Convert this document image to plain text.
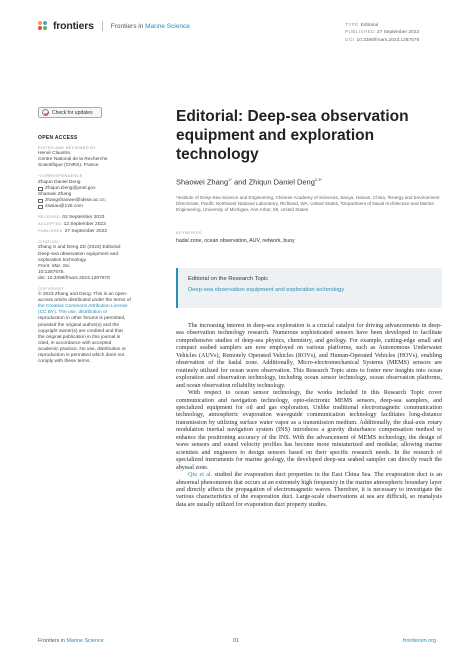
frontiers	Frontiers in Marine Science	TYPE Editorial
PUBLISHED 27 September 2023
DOI 10.3389/fmars.2023.1287578
Check for updates
OPEN ACCESS
EDITED AND REVIEWED BY
Hervé Claustre,
Centre National de la Recherche
Scientifique (CNRS), France
*CORRESPONDENCE
Zhiqun Daniel Deng
Zhiqun.Deng@pnnl.gov
Shaowei Zhang
zhangshaowei@idsse.ac.cn;
zswiau@126.com
RECEIVED 02 September 2023
ACCEPTED 12 September 2023
PUBLISHED 27 September 2023
CITATION
Zhang S and Deng ZD (2023) Editorial:
Deep-sea observation equipment and
exploration technology.
Front. Mar. Sci.
10:1287578.
doi: 10.3389/fmars.2023.1287578
COPYRIGHT
© 2023 Zhang and Deng. This is an open-
access article distributed under the terms of
the Creative Commons Attribution License
(CC BY). The use, distribution or
reproduction in other forums is permitted,
provided the original author(s) and the
copyright owner(s) are credited and that
the original publication in this journal is
cited, in accordance with accepted
academic practice. No use, distribution or
reproduction is permitted which does not
comply with these terms.
Editorial: Deep-sea observation equipment and exploration technology
Shaowei Zhang$^{1*}$ and Zhiqun Daniel Deng$^{2,3*}$
¹Institute of Deep-Sea Science and Engineering, Chinese Academy of Sciences, Sanya, Hainan, China, ²Energy and Environment Directorate, Pacific Northwest National Laboratory, Richland, WA, United States, ³Department of Naval Architecture and Marine Engineering, University of Michigan, Ann Arbor, MI, United States
KEYWORDS
hadal zone, ocean observation, AUV, network, buoy
Editorial on the Research Topic
Deep-sea observation equipment and exploration technology

The increasing interest in deep-sea exploration is a crucial catalyst for driving advancements in deep-sea observation technology research. Numerous sophisticated sensors have been developed to facilitate comprehensive studies of deep-sea physics, chemistry, and geology. For example, cutting-edge small and compact seabed samplers are now employed on various platforms, such as Autonomous Underwater Vehicles (AUVs), Remotely Operated Vehicles (ROVs), and Human-Operated Vehicles (HOVs), enabling observation of the hadal zone. Additionally, Micro-electromechanical Systems (MEMS) sensors are routinely utilized for ocean wave observation. This Research Topic aims to foster new insights into ocean exploration and observation technology, including ocean sensor technology, ocean observation platforms, and ocean observation reliability technology.

With respect to ocean sensor technology, the works included in this Research Topic cover communication and navigation technology, opto-electronic MEMS sensors, deep-sea samplers, and specialized equipment for oil and gas exploration. Unlike traditional electromagnetic communication technology, atmospheric evaporation waveguide communication technology facilitates long-distance transmission by utilizing surface water vapor as a transmission medium. Additionally, the dual-axis rotary modulation inertial navigation system (INS) introduces a gravity disturbance compensation method to enhance the positioning accuracy of the INS. With the advancement of MEMS technology, the design of wave sensors and sound velocity profiles has become more miniaturized and modular, allowing marine scientists and engineers to design sensors based on their specific research needs. In the research of specialized instruments for marine geology, the developed deep-sea seabed sampler can directly reach the abyssal zone.

Qiu et al. studied the evaporation duct properties in the East China Sea. The evaporation duct is an abnormal phenomenon that occurs at an extremely high frequency in the marine atmospheric boundary layer and directly affects the propagation of electromagnetic waves. Therefore, it is necessary to investigate the various characteristics of the evaporation duct. Large-scale observations at sea are difficult, so reanalysis data are usually utilized for evaporation duct property studies.

Frontiers in Marine Science	01	frontiersin.org
